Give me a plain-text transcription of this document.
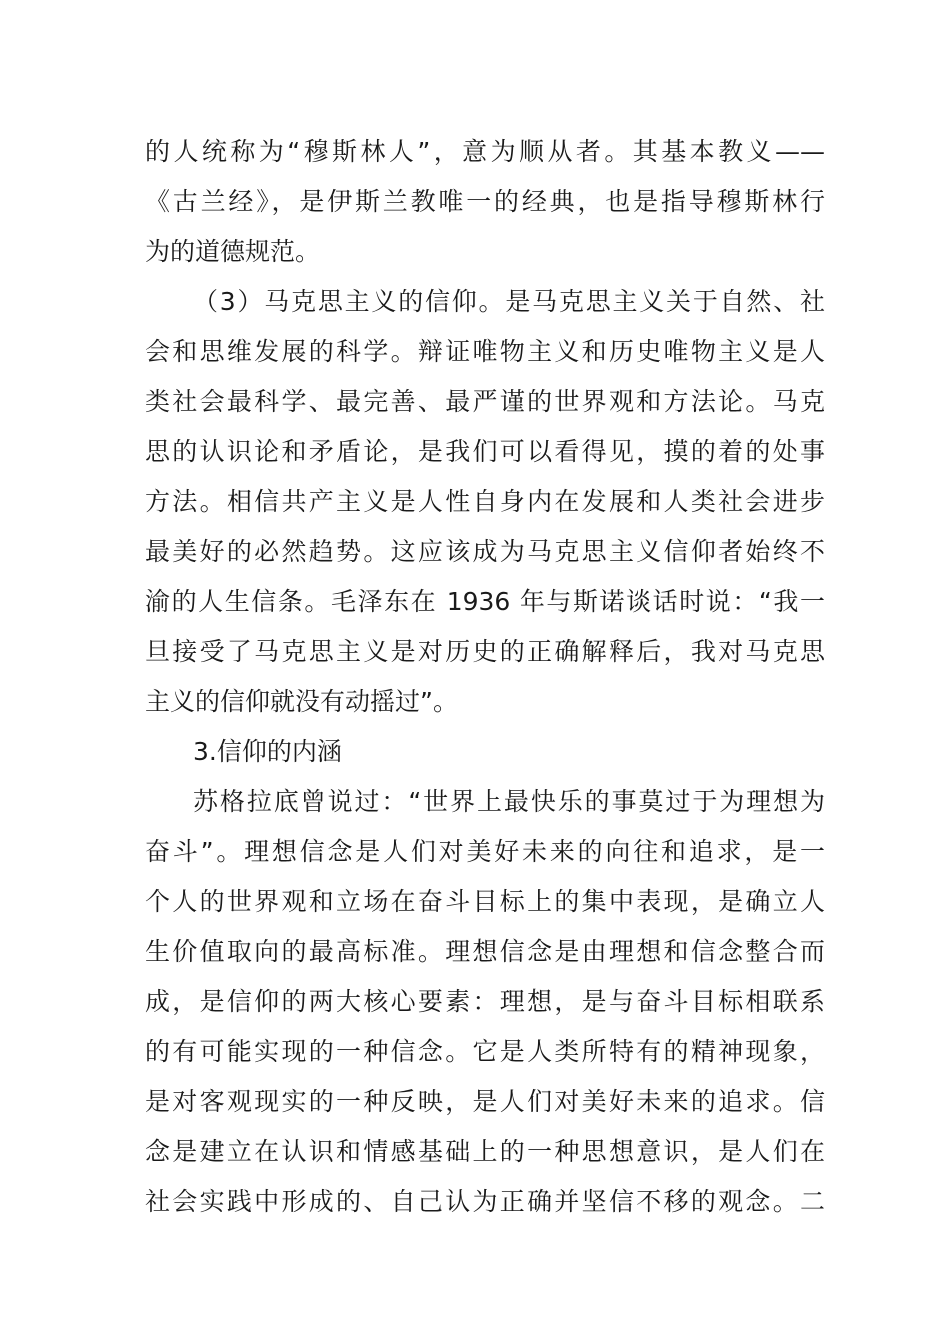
的人统称为“穆斯林人”，意为顺从者。其基本教义——
《古兰经》，是伊斯兰教唯一的经典，也是指导穆斯林行
为的道德规范。
（3）马克思主义的信仰。是马克思主义关于自然、社
会和思维发展的科学。辩证唯物主义和历史唯物主义是人
类社会最科学、最完善、最严谨的世界观和方法论。马克
思的认识论和矛盾论，是我们可以看得见，摸的着的处事
方法。相信共产主义是人性自身内在发展和人类社会进步
最美好的必然趋势。这应该成为马克思主义信仰者始终不
渝的人生信条。毛泽东在 1936 年与斯诺谈话时说：“我一
旦接受了马克思主义是对历史的正确解释后，我对马克思
主义的信仰就没有动摇过”。
3.信仰的内涵
苏格拉底曾说过：“世界上最快乐的事莫过于为理想为
奋斗”。理想信念是人们对美好未来的向往和追求，是一
个人的世界观和立场在奋斗目标上的集中表现，是确立人
生价值取向的最高标准。理想信念是由理想和信念整合而
成，是信仰的两大核心要素：理想，是与奋斗目标相联系
的有可能实现的一种信念。它是人类所特有的精神现象，
是对客观现实的一种反映，是人们对美好未来的追求。信
念是建立在认识和情感基础上的一种思想意识，是人们在
社会实践中形成的、自己认为正确并坚信不移的观念。二
